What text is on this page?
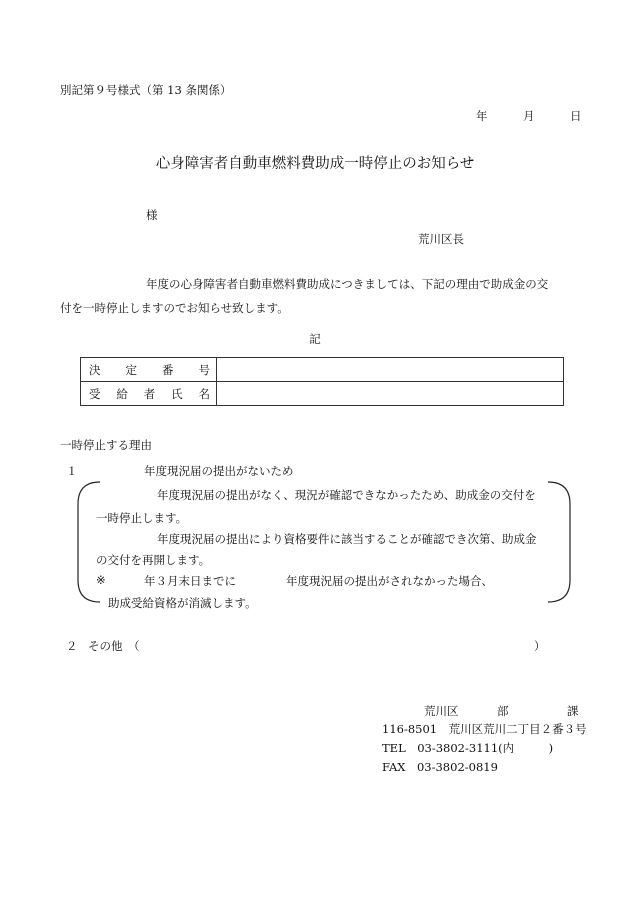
別記第９号様式（第 13 条関係）
年	月	日
心身障害者自動車燃料費助成一時停止のお知らせ
様
荒川区長
年度の心身障害者自動車燃料費助成につきましては、下記の理由で助成金の交
付を一時停止しますのでお知らせ致します。
記
決 定 番 号	

受 給 者 氏 名	

一時停止する理由
１	年度現況届の提出がないため
年度現況届の提出がなく、現況が確認できなかったため、助成金の交付を
一時停止します。
年度現況届の提出により資格要件に該当することが確認でき次第、助成金
の交付を再開します。
※	年３月末日までに	年度現況届の提出がされなかった場合、
助成受給資格が消滅します。
２ その他 （	）
荒川区	部	課
116-8501　荒川区荒川二丁目２番３号
TEL　03-3802-3111(内　　　)
FAX　03-3802-0819
